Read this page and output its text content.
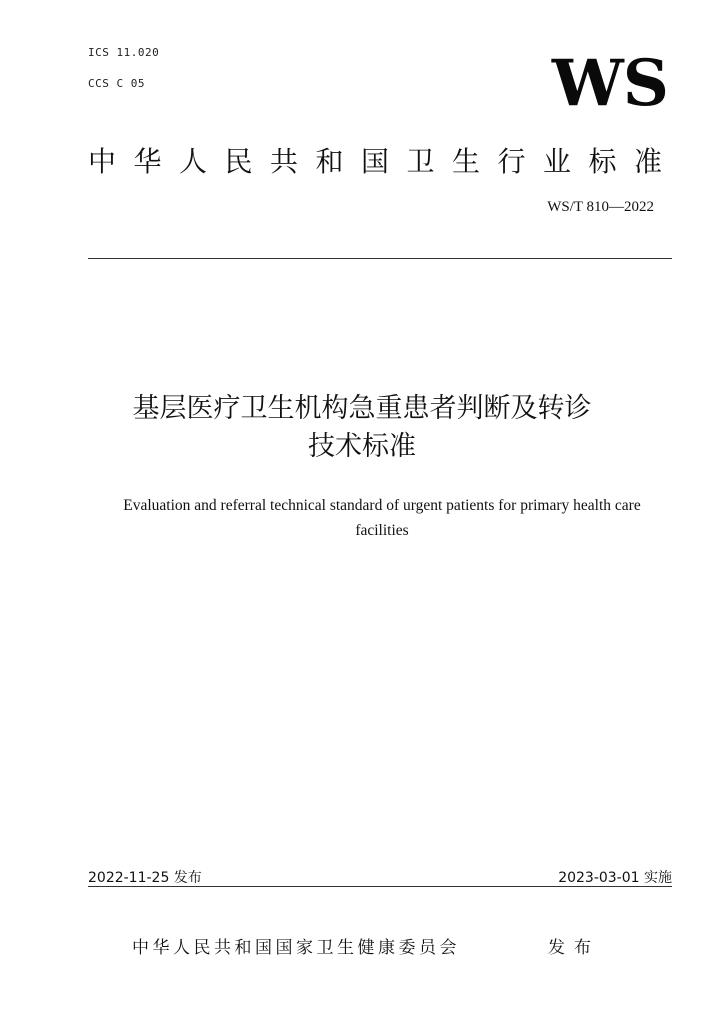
ICS 11.020
CCS C 05	WS
中华人民共和国卫生行业标准
WS/T 810—2022
基层医疗卫生机构急重患者判断及转诊
技术标准
Evaluation and referral technical standard of urgent patients for primary health care
facilities
2022-11-25 发布	2023-03-01 实施
中华人民共和国国家卫生健康委员会	发布
